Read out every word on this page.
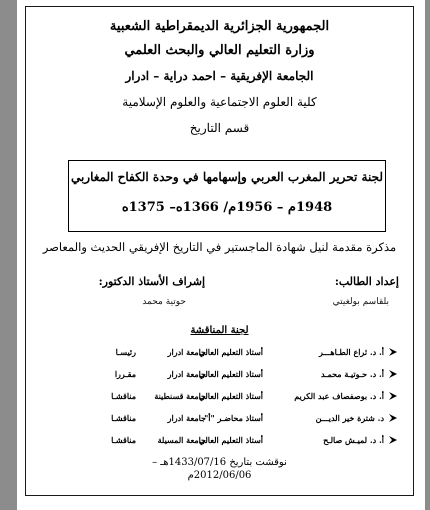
الجمهورية الجزائرية الديمقراطية الشعبية
وزارة التعليم العالي والبحث العلمي
الجامعة الإفريقية – احمد دراية – ادرار
كلية العلوم الاجتماعية والعلوم الإسلامية
قسم التاريخ
لجنة تحرير المغرب العربي وإسهامها في وحدة الكفاح المغاربي
1948م – 1956م/ 1366ه– 1375ه
مذكرة مقدمة لنيل شهادة الماجستير في التاريخ الإفريقي الحديث والمعاصر
إعداد الطالب:
إشراف الأستاذ الدكتور:
بلقاسم بولغيتي
حوتية محمد
لجنة المناقشة
أ. د. ثراع الطـاهـــر
أستاذ التعليم العالي
جامعة ادرار
رئيسـا
أ. د. حـوتيـة محمـد
أستاذ التعليم العالي
جامعة ادرار
مقـررا
أ. د. بوصفصاف عبد الكريم
أستاذ التعليم العالي
جامعة قسنطينة
مناقشـا
د. شترة خير الديـــن
أستاذ محاضـر "أ"
جامعة ادرار
مناقشـا
أ. د. لميـش صالـح
أستاذ التعليم العالي
جامعة المسيلة
مناقشـا
نوقشت بتاريخ 1433/07/16هـ –
2012/06/06م
